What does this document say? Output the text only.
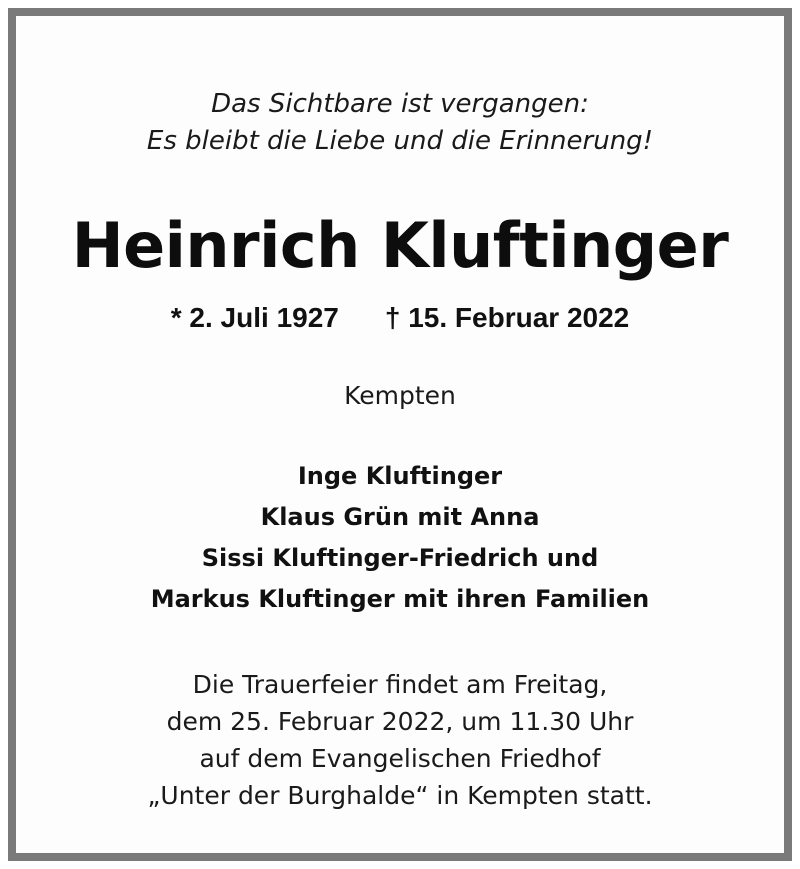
Das Sichtbare ist vergangen:
Es bleibt die Liebe und die Erinnerung!
Heinrich Kluftinger
* 2. Juli 1927 † 15. Februar 2022
Kempten
Inge Kluftinger
Klaus Grün mit Anna
Sissi Kluftinger-Friedrich und
Markus Kluftinger mit ihren Familien
Die Trauerfeier findet am Freitag,
dem 25. Februar 2022, um 11.30 Uhr
auf dem Evangelischen Friedhof
„Unter der Burghalde“ in Kempten statt.
